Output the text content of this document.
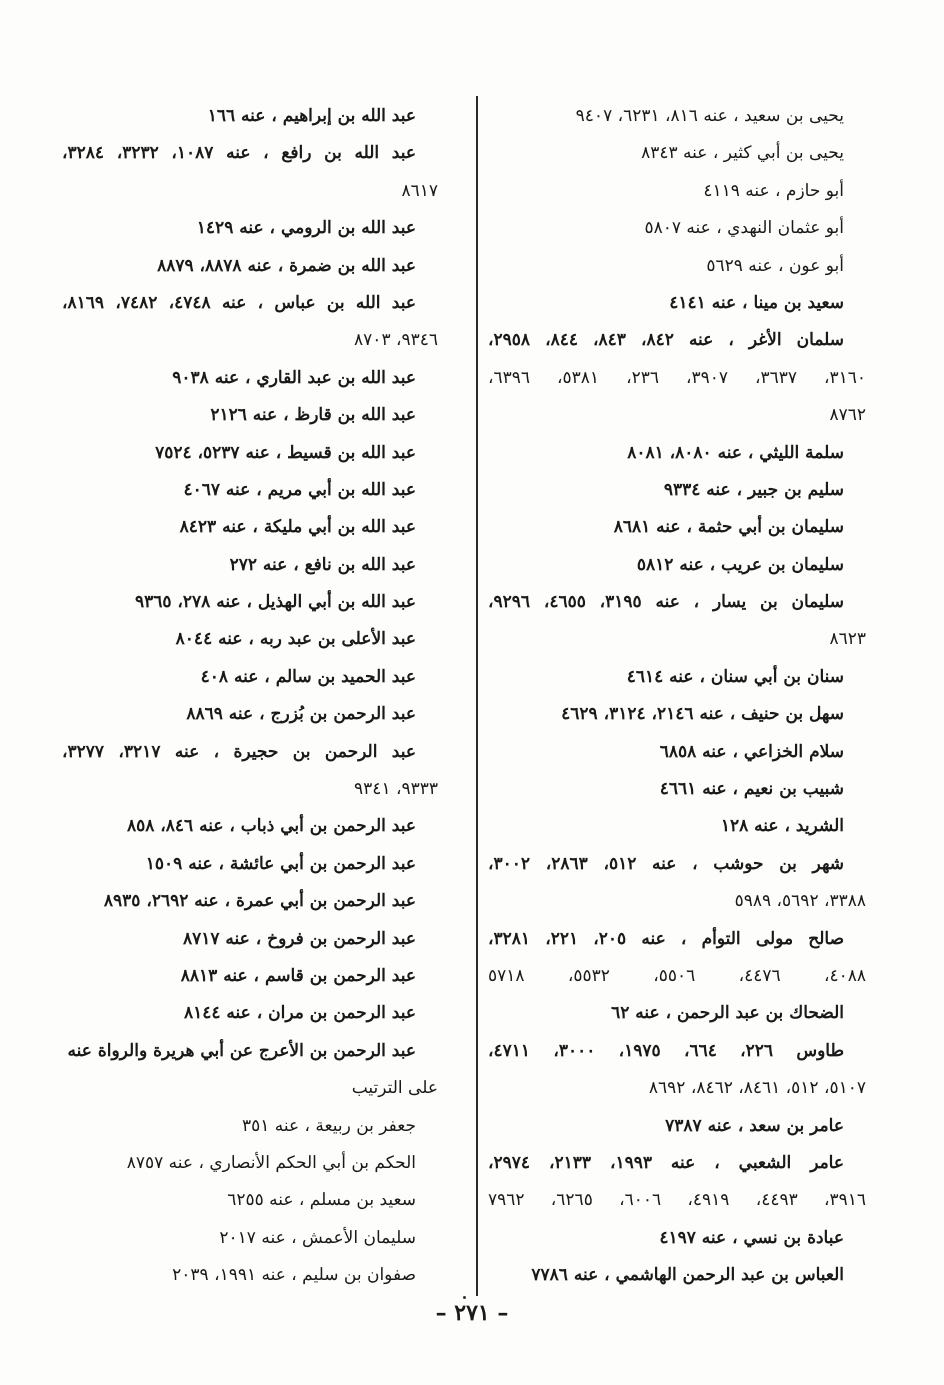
يحيى بن سعيد ، عنه ٨١٦، ٦٢٣١، ٩٤٠٧
يحيى بن أبي كثير ، عنه ٨٣٤٣
أبو حازم ، عنه ٤١١٩
أبو عثمان النهدي ، عنه ٥٨٠٧
أبو عون ، عنه ٥٦٢٩
سعيد بن مينا ، عنه ٤١٤١
سلمان الأغر ، عنه ٨٤٢، ٨٤٣، ٨٤٤، ٢٩٥٨،
٣١٦٠، ٣٦٣٧، ٣٩٠٧، ٢٣٦، ٥٣٨١، ٦٣٩٦،
٨٧٦٢
سلمة الليثي ، عنه ٨٠٨٠، ٨٠٨١
سليم بن جبير ، عنه ٩٣٣٤
سليمان بن أبي حثمة ، عنه ٨٦٨١
سليمان بن عريب ، عنه ٥٨١٢
سليمان بن يسار ، عنه ٣١٩٥، ٤٦٥٥، ٩٢٩٦،
٨٦٢٣
سنان بن أبي سنان ، عنه ٤٦١٤
سهل بن حنيف ، عنه ٢١٤٦، ٣١٢٤، ٤٦٢٩
سلام الخزاعي ، عنه ٦٨٥٨
شبيب بن نعيم ، عنه ٤٦٦١
الشريد ، عنه ١٢٨
شهر بن حوشب ، عنه ٥١٢، ٢٨٦٣، ٣٠٠٢،
٣٣٨٨، ٥٦٩٢، ٥٩٨٩
صالح مولى التوأم ، عنه ٢٠٥، ٢٢١، ٣٢٨١،
٤٠٨٨، ٤٤٧٦، ٥٥٠٦، ٥٥٣٢، ٥٧١٨
الضحاك بن عبد الرحمن ، عنه ٦٢
طاوس ٢٢٦، ٦٦٤، ١٩٧٥، ٣٠٠٠، ٤٧١١،
٥١٠٧، ٥١٢، ٨٤٦١، ٨٤٦٢، ٨٦٩٢
عامر بن سعد ، عنه ٧٣٨٧
عامر الشعبي ، عنه ١٩٩٣، ٢١٣٣، ٢٩٧٤،
٣٩١٦، ٤٤٩٣، ٤٩١٩، ٦٠٠٦، ٦٢٦٥، ٧٩٦٢
عبادة بن نسي ، عنه ٤١٩٧
العباس بن عبد الرحمن الهاشمي ، عنه ٧٧٨٦
عبد الله بن إبراهيم ، عنه ١٦٦
عبد الله بن رافع ، عنه ١٠٨٧، ٣٢٣٢، ٣٢٨٤،
٨٦١٧
عبد الله بن الرومي ، عنه ١٤٢٩
عبد الله بن ضمرة ، عنه ٨٨٧٨، ٨٨٧٩
عبد الله بن عباس ، عنه ٤٧٤٨، ٧٤٨٢، ٨١٦٩،
٩٣٤٦، ٨٧٠٣
عبد الله بن عبد القاري ، عنه ٩٠٣٨
عبد الله بن قارظ ، عنه ٢١٢٦
عبد الله بن قسيط ، عنه ٥٢٣٧، ٧٥٢٤
عبد الله بن أبي مريم ، عنه ٤٠٦٧
عبد الله بن أبي مليكة ، عنه ٨٤٢٣
عبد الله بن نافع ، عنه ٢٧٢
عبد الله بن أبي الهذيل ، عنه ٢٧٨، ٩٣٦٥
عبد الأعلى بن عبد ربه ، عنه ٨٠٤٤
عبد الحميد بن سالم ، عنه ٤٠٨
عبد الرحمن بن بُزرج ، عنه ٨٨٦٩
عبد الرحمن بن حجيرة ، عنه ٣٢١٧، ٣٢٧٧،
٩٣٣٣، ٩٣٤١
عبد الرحمن بن أبي ذباب ، عنه ٨٤٦، ٨٥٨
عبد الرحمن بن أبي عائشة ، عنه ١٥٠٩
عبد الرحمن بن أبي عمرة ، عنه ٢٦٩٢، ٨٩٣٥
عبد الرحمن بن فروخ ، عنه ٨٧١٧
عبد الرحمن بن قاسم ، عنه ٨٨١٣
عبد الرحمن بن مران ، عنه ٨١٤٤
عبد الرحمن بن الأعرج عن أبي هريرة والرواة عنه
على الترتيب
جعفر بن ربيعة ، عنه ٣٥١
الحكم بن أبي الحكم الأنصاري ، عنه ٨٧٥٧
سعيد بن مسلم ، عنه ٦٢٥٥
سليمان الأعمش ، عنه ٢٠١٧
صفوان بن سليم ، عنه ١٩٩١، ٢٠٣٩
– ٢٧١ –
